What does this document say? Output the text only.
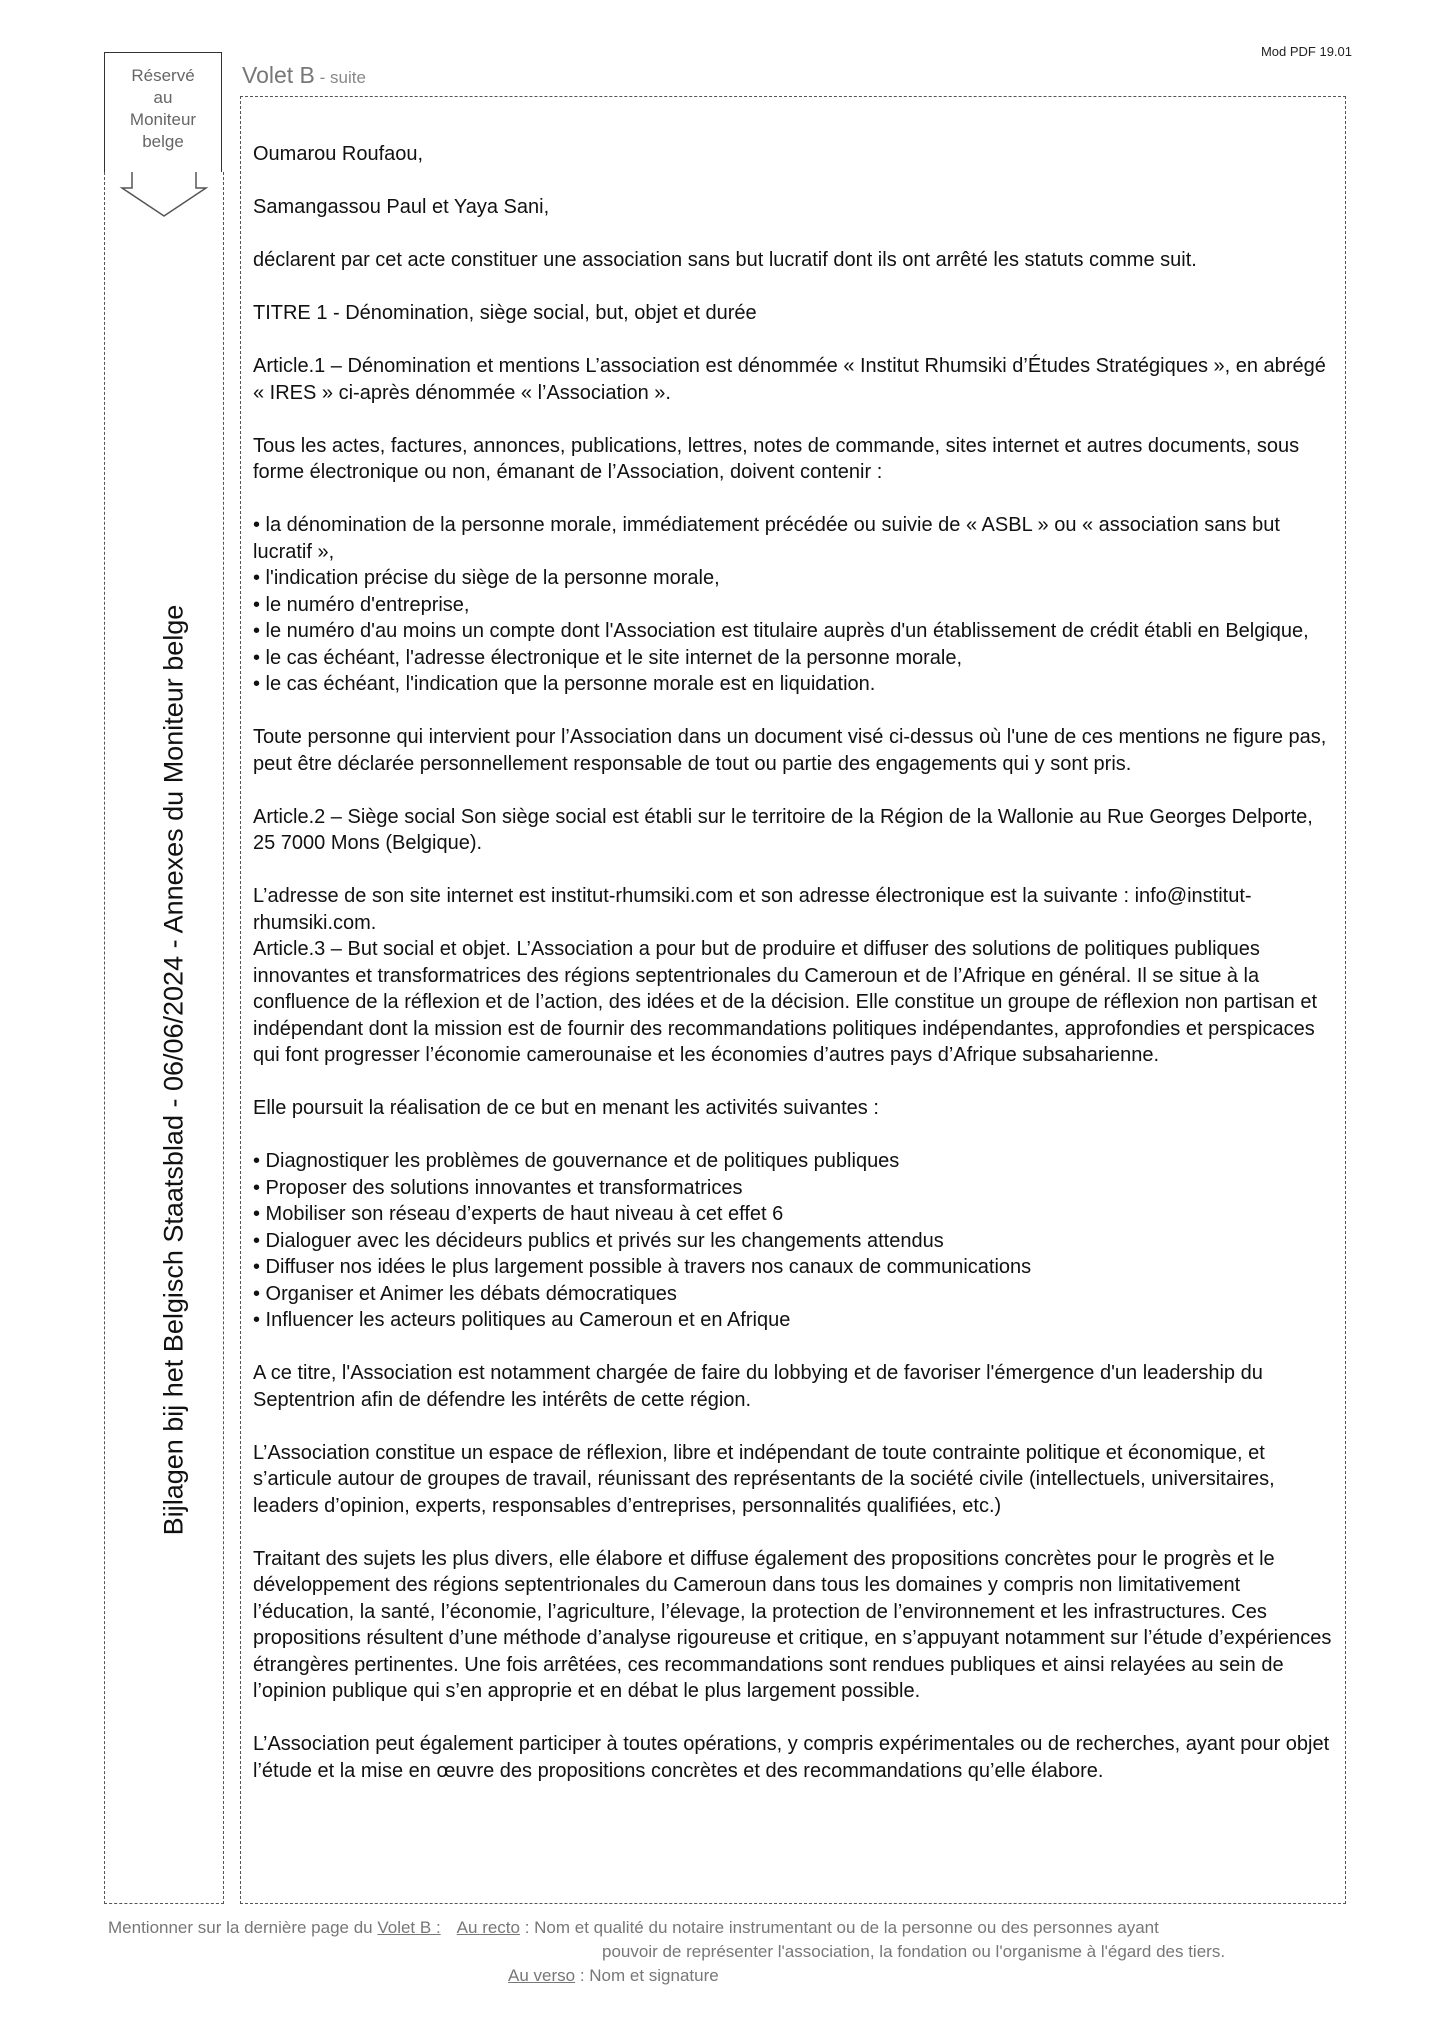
Mod PDF 19.01
Réservé
au
Moniteur
belge
Bijlagen bij het Belgisch Staatsblad - 06/06/2024 - Annexes du Moniteur belge
Volet B - suite

Oumarou Roufaou,

Samangassou Paul et Yaya Sani,

déclarent par cet acte constituer une association sans but lucratif dont ils ont arrêté les statuts comme suit.

TITRE 1 - Dénomination, siège social, but, objet et durée

Article.1 – Dénomination et mentions L’association est dénommée « Institut Rhumsiki d’Études Stratégiques », en abrégé « IRES » ci-après dénommée « l’Association ».

Tous les actes, factures, annonces, publications, lettres, notes de commande, sites internet et autres documents, sous forme électronique ou non, émanant de l’Association, doivent contenir :

• la dénomination de la personne morale, immédiatement précédée ou suivie de « ASBL » ou « association sans but lucratif »,

• l'indication précise du siège de la personne morale,

• le numéro d'entreprise,

• le numéro d'au moins un compte dont l'Association est titulaire auprès d'un établissement de crédit établi en Belgique,

• le cas échéant, l'adresse électronique et le site internet de la personne morale,

• le cas échéant, l'indication que la personne morale est en liquidation.

Toute personne qui intervient pour l’Association dans un document visé ci-dessus où l'une de ces mentions ne figure pas, peut être déclarée personnellement responsable de tout ou partie des engagements qui y sont pris.

Article.2 – Siège social Son siège social est établi sur le territoire de la Région de la Wallonie au Rue Georges Delporte, 25 7000 Mons (Belgique).

L’adresse de son site internet est institut-rhumsiki.com et son adresse électronique est la suivante : info@institut-rhumsiki.com.

Article.3 – But social et objet. L’Association a pour but de produire et diffuser des solutions de politiques publiques innovantes et transformatrices des régions septentrionales du Cameroun et de l’Afrique en général. Il se situe à la confluence de la réflexion et de l’action, des idées et de la décision. Elle constitue un groupe de réflexion non partisan et indépendant dont la mission est de fournir des recommandations politiques indépendantes, approfondies et perspicaces qui font progresser l’économie camerounaise et les économies d’autres pays d’Afrique subsaharienne.

Elle poursuit la réalisation de ce but en menant les activités suivantes :

• Diagnostiquer les problèmes de gouvernance et de politiques publiques

• Proposer des solutions innovantes et transformatrices

• Mobiliser son réseau d’experts de haut niveau à cet effet 6

• Dialoguer avec les décideurs publics et privés sur les changements attendus

• Diffuser nos idées le plus largement possible à travers nos canaux de communications

• Organiser et Animer les débats démocratiques

• Influencer les acteurs politiques au Cameroun et en Afrique

A ce titre, l'Association est notamment chargée de faire du lobbying et de favoriser l'émergence d'un leadership du Septentrion afin de défendre les intérêts de cette région.

L’Association constitue un espace de réflexion, libre et indépendant de toute contrainte politique et économique, et s’articule autour de groupes de travail, réunissant des représentants de la société civile (intellectuels, universitaires, leaders d’opinion, experts, responsables d’entreprises, personnalités qualifiées, etc.)

Traitant des sujets les plus divers, elle élabore et diffuse également des propositions concrètes pour le progrès et le développement des régions septentrionales du Cameroun dans tous les domaines y compris non limitativement l’éducation, la santé, l’économie, l’agriculture, l’élevage, la protection de l’environnement et les infrastructures. Ces propositions résultent d’une méthode d’analyse rigoureuse et critique, en s’appuyant notamment sur l’étude d’expériences étrangères pertinentes. Une fois arrêtées, ces recommandations sont rendues publiques et ainsi relayées au sein de l’opinion publique qui s’en approprie et en débat le plus largement possible.

L’Association peut également participer à toutes opérations, y compris expérimentales ou de recherches, ayant pour objet l’étude et la mise en œuvre des propositions concrètes et des recommandations qu’elle élabore.

Mentionner sur la dernière page du Volet B : Au recto : Nom et qualité du notaire instrumentant ou de la personne ou des personnes ayant
pouvoir de représenter l'association, la fondation ou l'organisme à l'égard des tiers.
Au verso : Nom et signature
